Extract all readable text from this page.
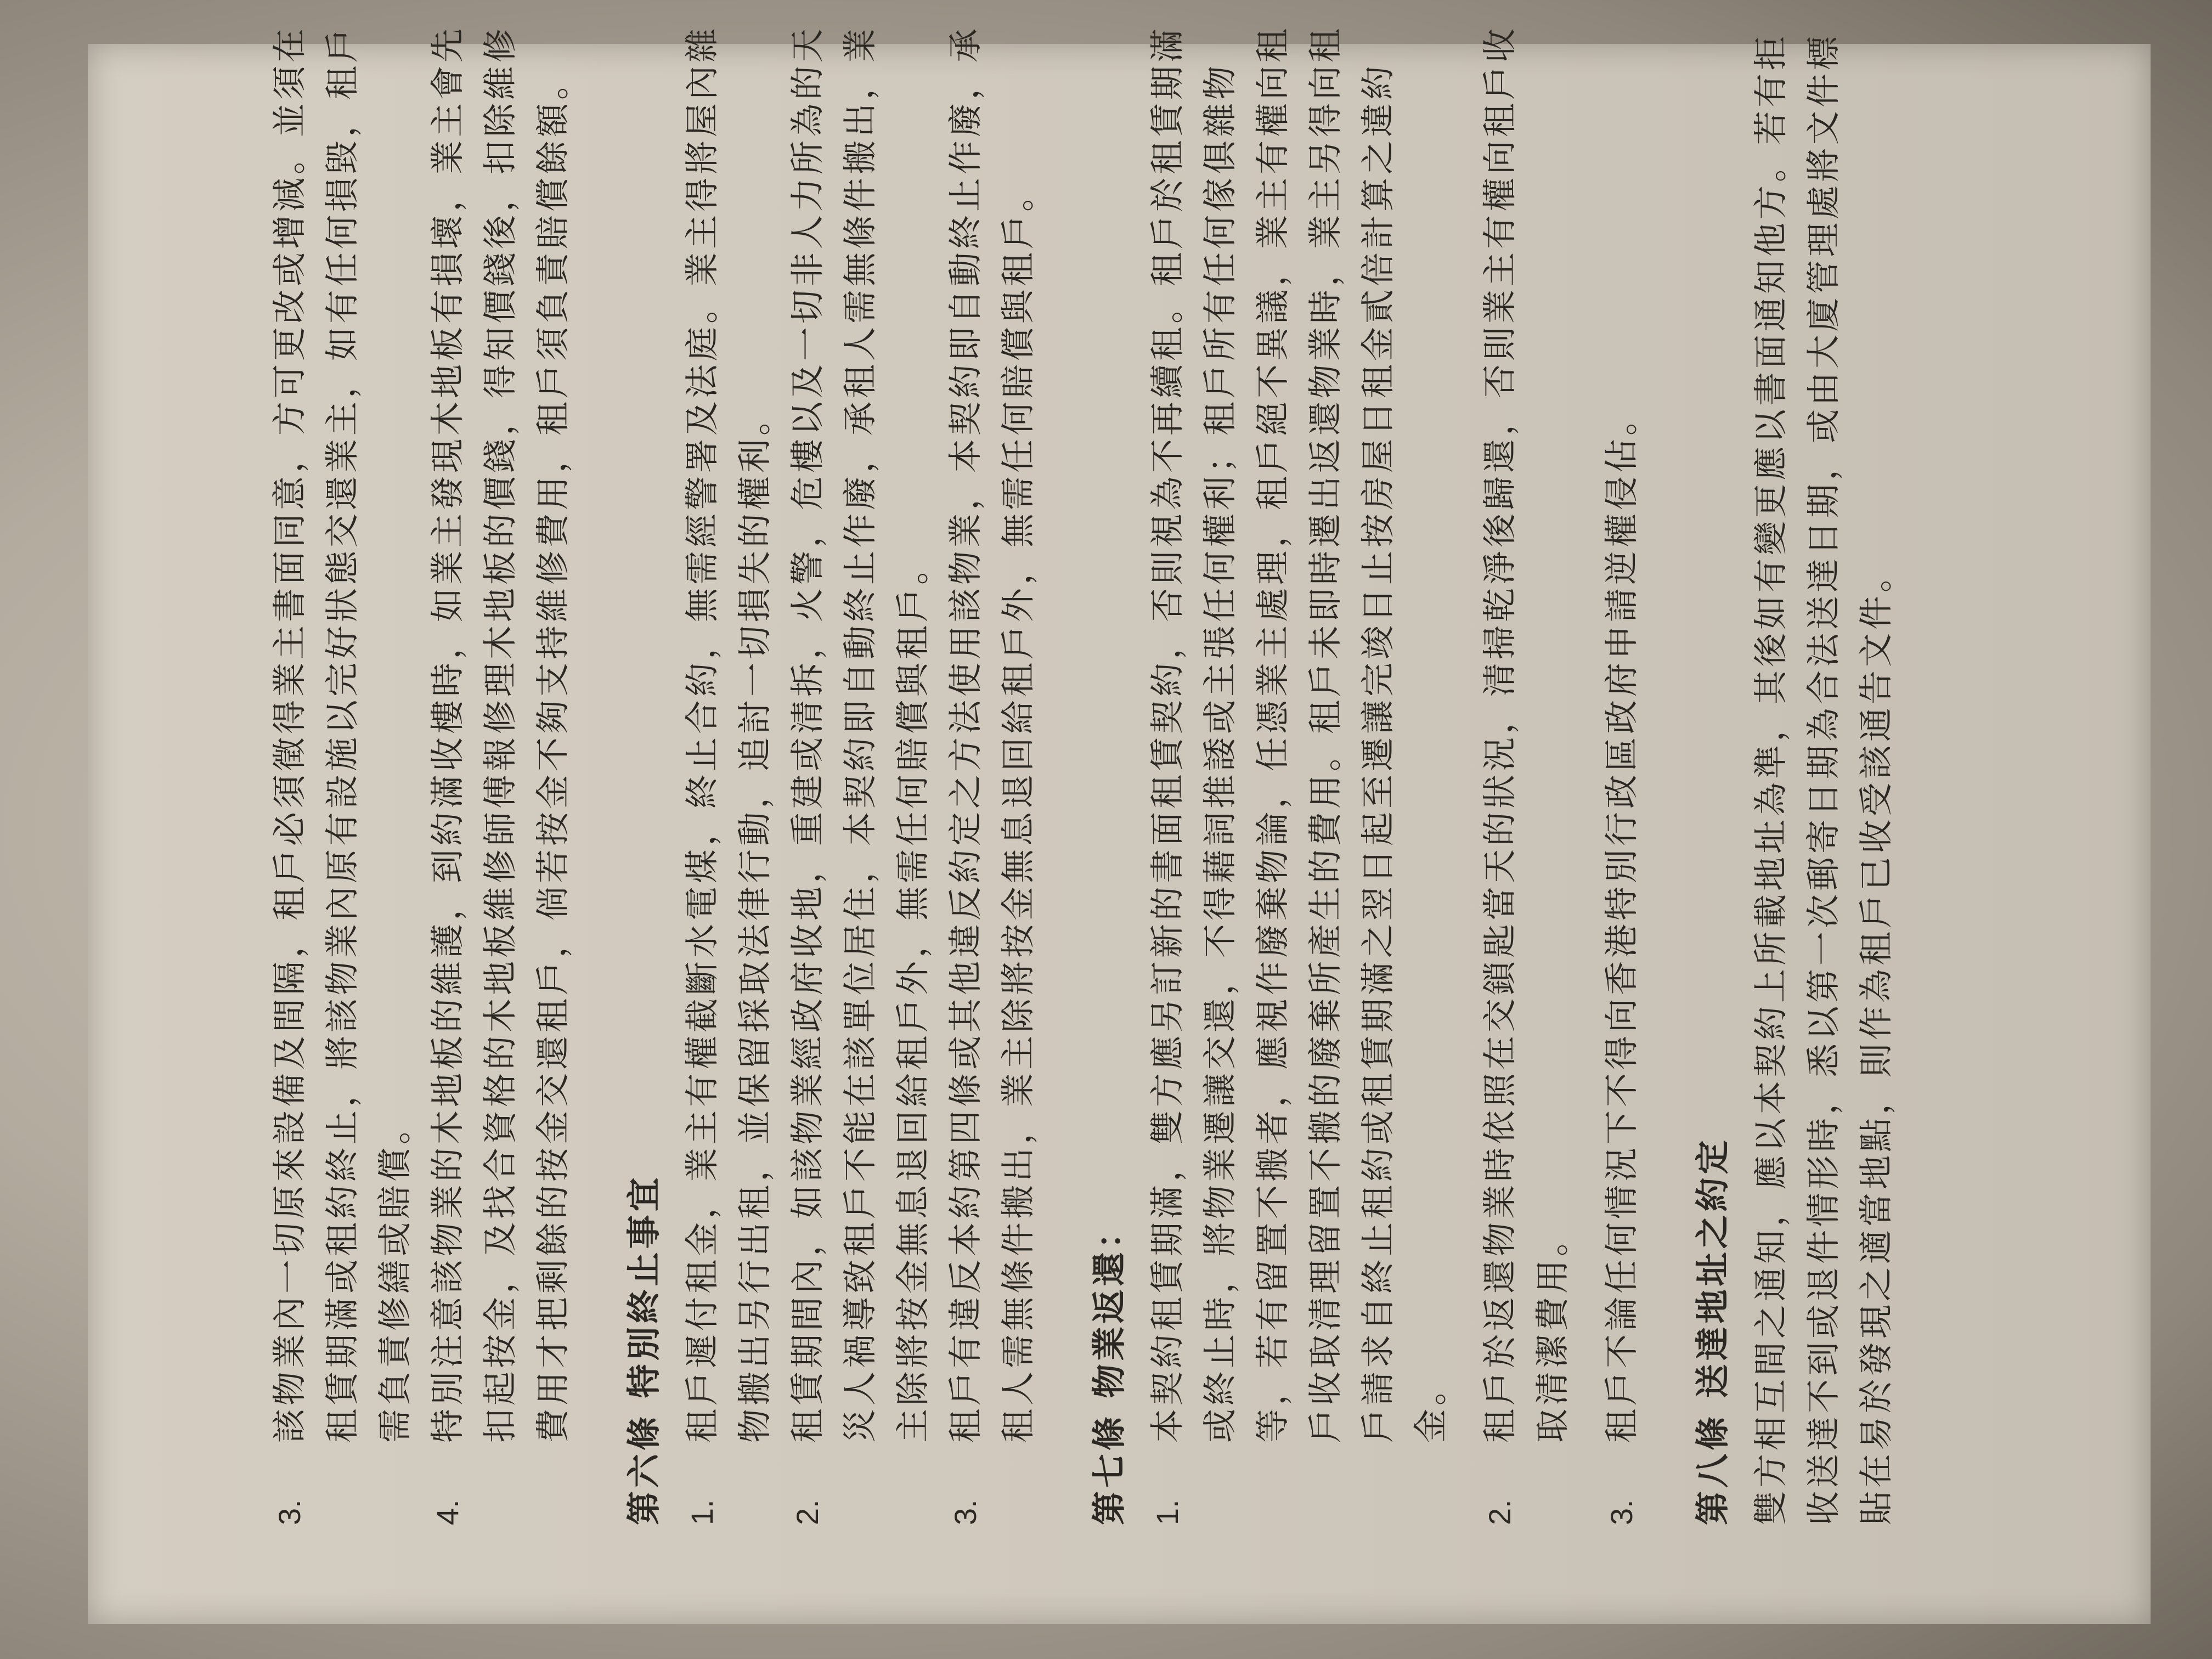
3.
該物業內一切原來設備及間隔，租戶必須徵得業主書面同意，方可更改或增減。並須在租賃期滿或租約終止，將該物業內原有設施以完好狀態交還業主，如有任何損毀，租戶需負責修繕或賠償。
4.
特別注意該物業的木地板的維護，到約滿收樓時，如業主發現木地板有損壞，業主會先扣起按金，及找合資格的木地板維修師傅報修理木地板的價錢，得知價錢後，扣除維修費用才把剩餘的按金交還租戶，倘若按金不夠支持維修費用，租戶須負責賠償餘額。 第六條 特別終止事宜 1.
租戶遲付租金，業主有權截斷水電煤，終止合約，無需經警署及法庭。業主得將屋內雜物搬出另行出租，並保留採取法律行動，追討一切損失的權利。
2.
租賃期間內，如該物業經政府收地，重建或清拆，火警，危樓以及一切非人力所為的天災人禍導致租戶不能在該單位居住，本契約即自動終止作廢，承租人需無條件搬出，業主除將按金無息退回給租戶外，無需任何賠償與租戶。
3.
租戶有違反本約第四條或其他違反約定之方法使用該物業，本契約即自動終止作廢，承租人需無條件搬出，業主除將按金無息退回給租戶外，無需任何賠償與租戶。 第七條 物業返還： 1.
本契約租賃期滿，雙方應另訂新的書面租賃契約，否則視為不再續租。租戶於租賃期滿或終止時，將物業遷讓交還，不得藉詞推諉或主張任何權利；租戶所有任何傢俱雜物等，若有留置不搬者，應視作廢棄物論，任憑業主處理，租戶絕不異議，業主有權向租戶收取清理留置不搬的廢棄所產生的費用。租戶未即時遷出返還物業時，業主另得向租戶請求自終止租約或租賃期滿之翌日起至遷讓完竣日止按房屋日租金貳倍計算之違約金。
2.
租戶於返還物業時依照在交鎖匙當天的狀況，清掃乾淨後歸還，否則業主有權向租戶收取清潔費用。
3.
租戶不論任何情況下不得向香港特別行政區政府申請逆權侵佔。 第八條 送達地址之約定 雙方相互間之通知，應以本契約上所載地址為準，其後如有變更應以書面通知他方。若有拒收送達不到或退件情形時，悉以第一次郵寄日期為合法送達日期，或由大廈管理處將文件標貼在易於發現之適當地點，則作為租戶已收受該通告文件。
